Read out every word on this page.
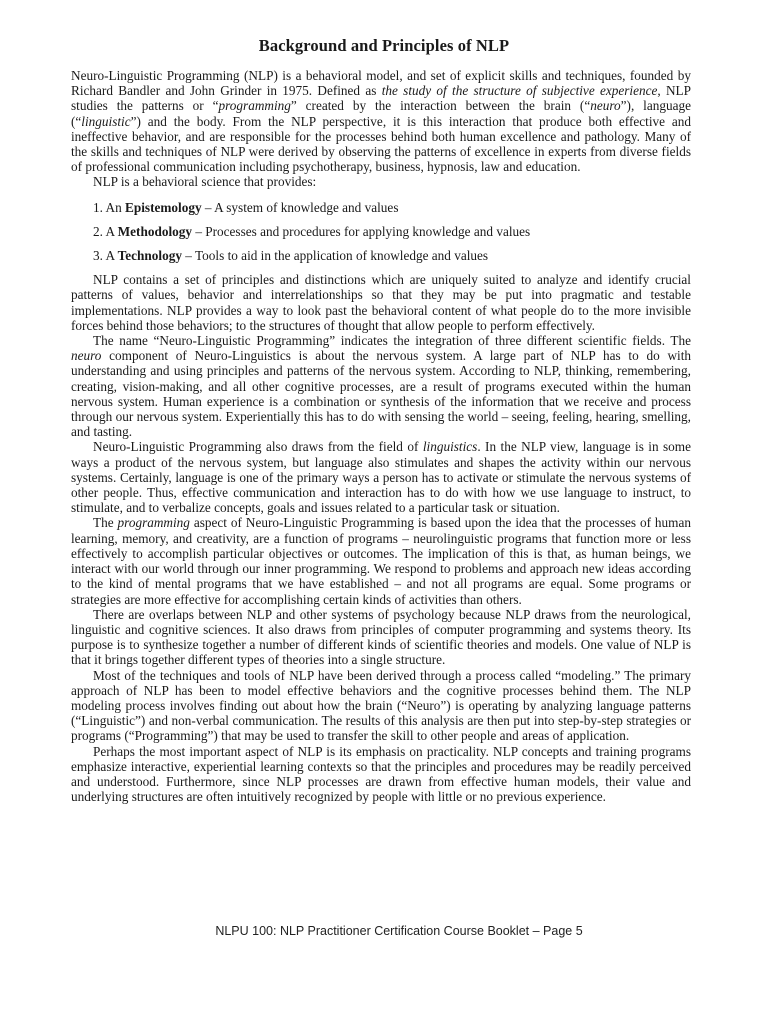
Background and Principles of NLP

Neuro-Linguistic Programming (NLP) is a behavioral model, and set of explicit skills and techniques, founded by Richard Bandler and John Grinder in 1975. Defined as the study of the structure of subjective experience, NLP studies the patterns or “programming” created by the interaction between the brain (“neuro”), language (“linguistic”) and the body. From the NLP perspective, it is this interaction that produce both effective and ineffective behavior, and are responsible for the processes behind both human excellence and pathology. Many of the skills and techniques of NLP were derived by observing the patterns of excellence in experts from diverse fields of professional communication including psychotherapy, business, hypnosis, law and education.

NLP is a behavioral science that provides:

1. An Epistemology – A system of knowledge and values
2. A Methodology – Processes and procedures for applying knowledge and values
3. A Technology – Tools to aid in the application of knowledge and values

NLP contains a set of principles and distinctions which are uniquely suited to analyze and identify crucial patterns of values, behavior and interrelationships so that they may be put into pragmatic and testable implementations. NLP provides a way to look past the behavioral content of what people do to the more invisible forces behind those behaviors; to the structures of thought that allow people to perform effectively.

The name “Neuro-Linguistic Programming” indicates the integration of three different scientific fields. The neuro component of Neuro-Linguistics is about the nervous system. A large part of NLP has to do with understanding and using principles and patterns of the nervous system. According to NLP, thinking, remembering, creating, vision-making, and all other cognitive processes, are a result of programs executed within the human nervous system. Human experience is a combination or synthesis of the information that we receive and process through our nervous system. Experientially this has to do with sensing the world – seeing, feeling, hearing, smelling, and tasting.

Neuro-Linguistic Programming also draws from the field of linguistics. In the NLP view, language is in some ways a product of the nervous system, but language also stimulates and shapes the activity within our nervous systems. Certainly, language is one of the primary ways a person has to activate or stimulate the nervous systems of other people. Thus, effective communication and interaction has to do with how we use language to instruct, to stimulate, and to verbalize concepts, goals and issues related to a particular task or situation.

The programming aspect of Neuro-Linguistic Programming is based upon the idea that the processes of human learning, memory, and creativity, are a function of programs – neurolinguistic programs that function more or less effectively to accomplish particular objectives or outcomes. The implication of this is that, as human beings, we interact with our world through our inner programming. We respond to problems and approach new ideas according to the kind of mental programs that we have established – and not all programs are equal. Some programs or strategies are more effective for accomplishing certain kinds of activities than others.

There are overlaps between NLP and other systems of psychology because NLP draws from the neurological, linguistic and cognitive sciences. It also draws from principles of computer programming and systems theory. Its purpose is to synthesize together a number of different kinds of scientific theories and models. One value of NLP is that it brings together different types of theories into a single structure.

Most of the techniques and tools of NLP have been derived through a process called “modeling.” The primary approach of NLP has been to model effective behaviors and the cognitive processes behind them. The NLP modeling process involves finding out about how the brain (“Neuro”) is operating by analyzing language patterns (“Linguistic”) and non-verbal communication. The results of this analysis are then put into step-by-step strategies or programs (“Programming”) that may be used to transfer the skill to other people and areas of application.

Perhaps the most important aspect of NLP is its emphasis on practicality. NLP concepts and training programs emphasize interactive, experiential learning contexts so that the principles and procedures may be readily perceived and understood. Furthermore, since NLP processes are drawn from effective human models, their value and underlying structures are often intuitively recognized by people with little or no previous experience.

NLPU 100: NLP Practitioner Certification Course Booklet – Page 5
